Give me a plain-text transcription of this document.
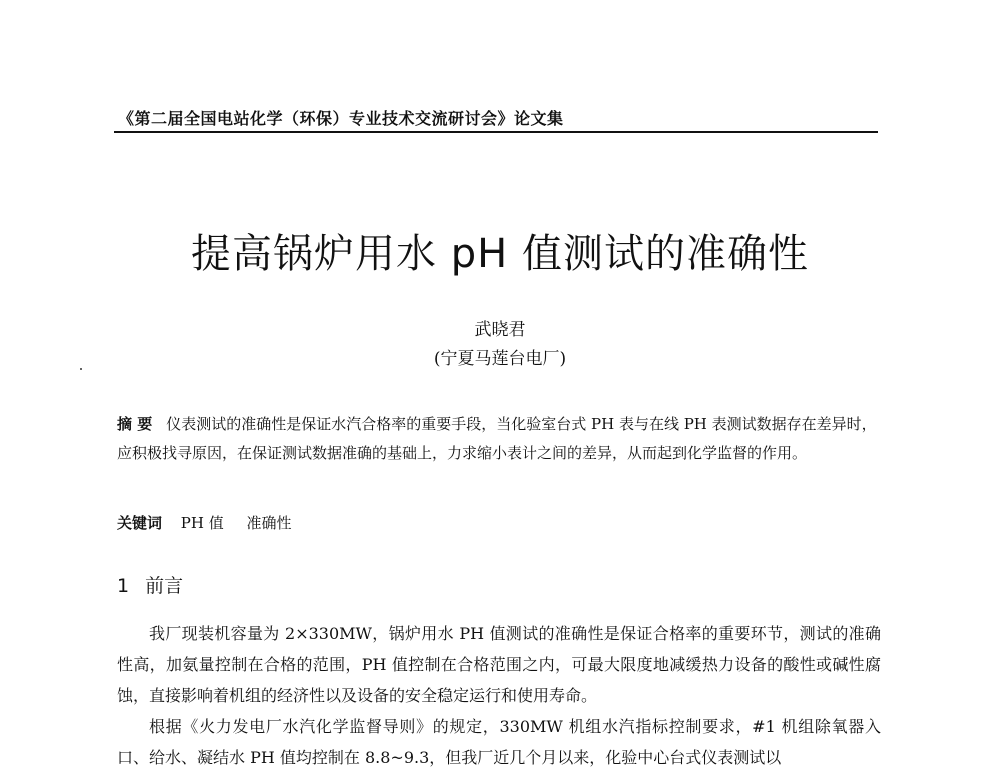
《第二届全国电站化学（环保）专业技术交流研讨会》论文集
提高锅炉用水 pH 值测试的准确性
武晓君
(宁夏马莲台电厂)

摘 要 仪表测试的准确性是保证水汽合格率的重要手段，当化验室台式 PH 表与在线 PH 表测试数据存在差异时，应积极找寻原因，在保证测试数据准确的基础上，力求缩小表计之间的差异，从而起到化学监督的作用。

关键词 PH 值 准确性
1 前言

我厂现装机容量为 2×330MW，锅炉用水 PH 值测试的准确性是保证合格率的重要环节，测试的准确性高，加氨量控制在合格的范围，PH 值控制在合格范围之内，可最大限度地减缓热力设备的酸性或碱性腐蚀，直接影响着机组的经济性以及设备的安全稳定运行和使用寿命。

根据《火力发电厂水汽化学监督导则》的规定，330MW 机组水汽指标控制要求，#1 机组除氧器入口、给水、凝结水 PH 值均控制在 8.8~9.3，但我厂近几个月以来，化验中心台式仪表测试以
